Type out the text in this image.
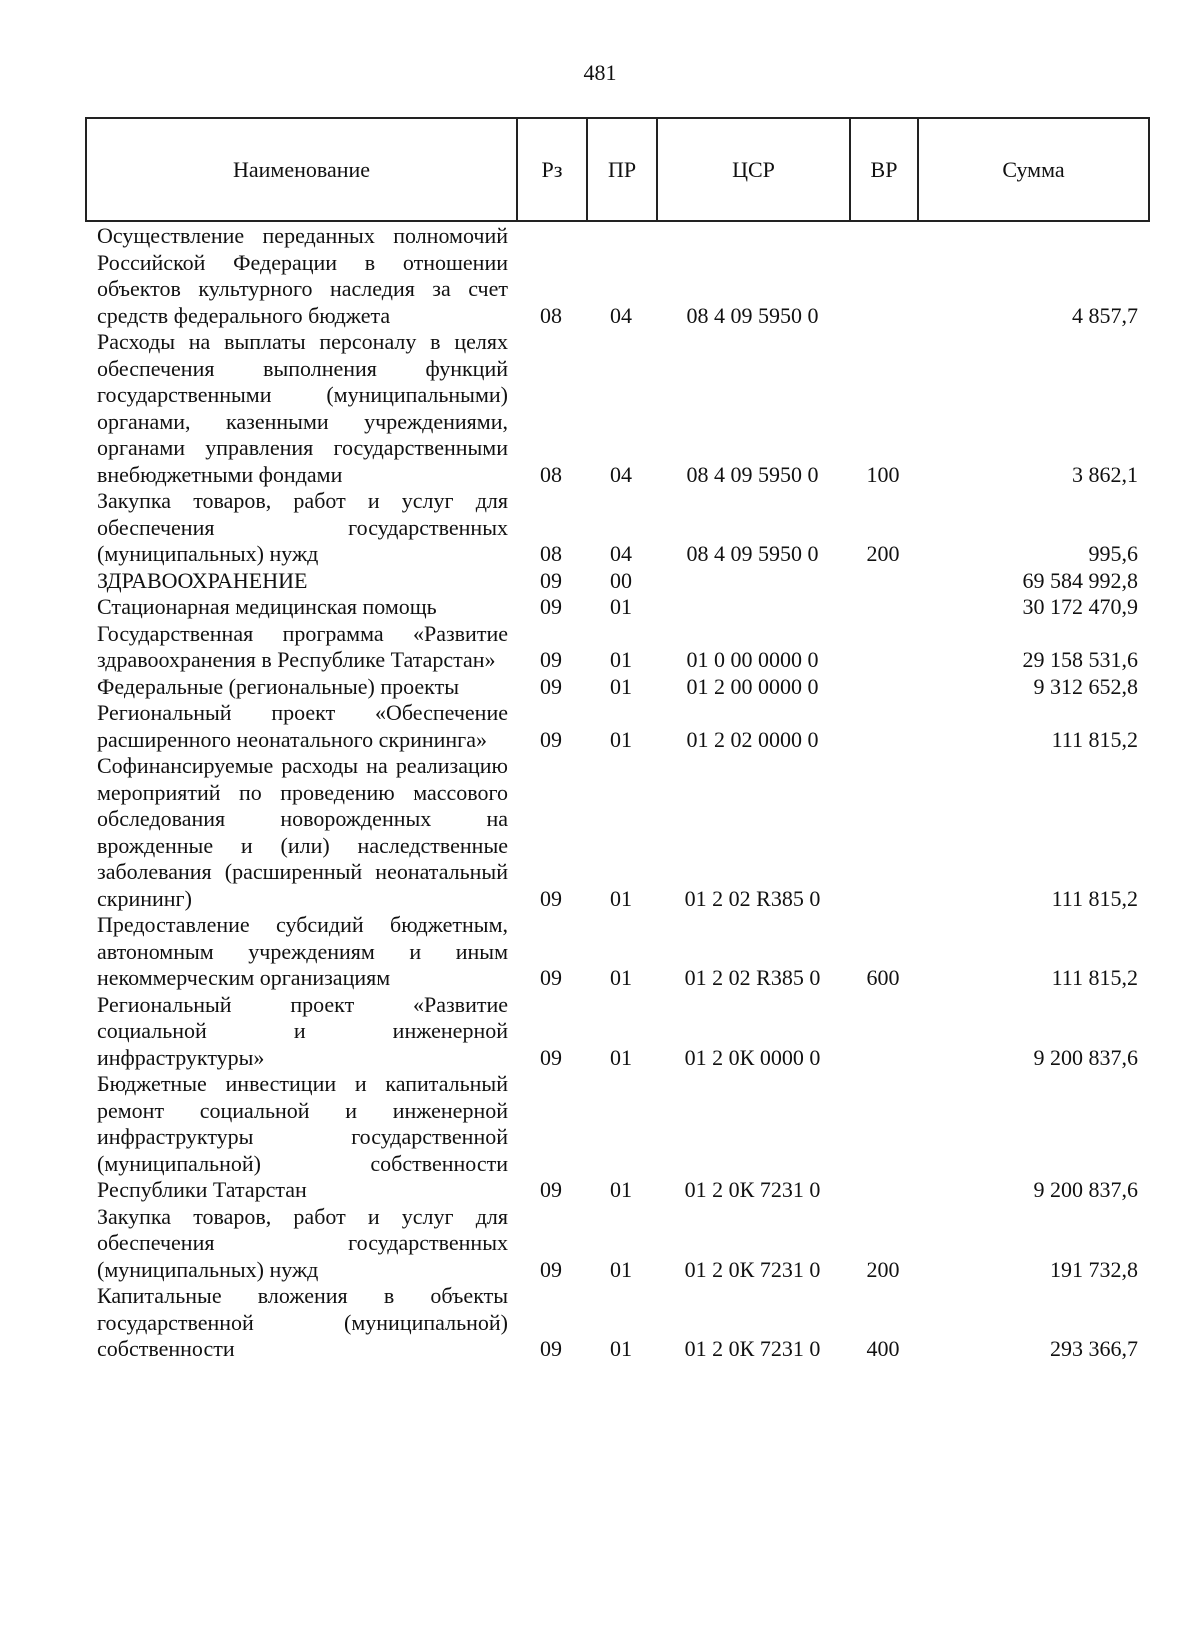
481
Наименование	Рз	ПР	ЦСР	ВР	Сумма
Осуществление переданных полномочий Российской Федерации в отношении объектов культурного наследия за счет средств федерального бюджета	08	04	08 4 09 5950 0		4 857,7
Расходы на выплаты персоналу в целях обеспечения выполнения функций государственными (муниципальными) органами, казенными учреждениями, органами управления государственными внебюджетными фондами	08	04	08 4 09 5950 0	100	3 862,1
Закупка товаров, работ и услуг для обеспечения государственных (муниципальных) нужд	08	04	08 4 09 5950 0	200	995,6
ЗДРАВООХРАНЕНИЕ	09	00			69 584 992,8
Стационарная медицинская помощь	09	01			30 172 470,9
Государственная программа «Развитие здравоохранения в Республике Татарстан»	09	01	01 0 00 0000 0		29 158 531,6
Федеральные (региональные) проекты	09	01	01 2 00 0000 0		9 312 652,8
Региональный проект «Обеспечение расширенного неонатального скрининга»	09	01	01 2 02 0000 0		111 815,2
Софинансируемые расходы на реализацию мероприятий по проведению массового обследования новорожденных на врожденные и (или) наследственные заболевания (расширенный неонатальный скрининг)	09	01	01 2 02 R385 0		111 815,2
Предоставление субсидий бюджетным, автономным учреждениям и иным некоммерческим организациям	09	01	01 2 02 R385 0	600	111 815,2
Региональный проект «Развитие социальной и инженерной инфраструктуры»	09	01	01 2 0К 0000 0		9 200 837,6
Бюджетные инвестиции и капитальный ремонт социальной и инженерной инфраструктуры государственной (муниципальной) собственности Республики Татарстан	09	01	01 2 0К 7231 0		9 200 837,6
Закупка товаров, работ и услуг для обеспечения государственных (муниципальных) нужд	09	01	01 2 0К 7231 0	200	191 732,8
Капитальные вложения в объекты государственной (муниципальной) собственности	09	01	01 2 0К 7231 0	400	293 366,7
